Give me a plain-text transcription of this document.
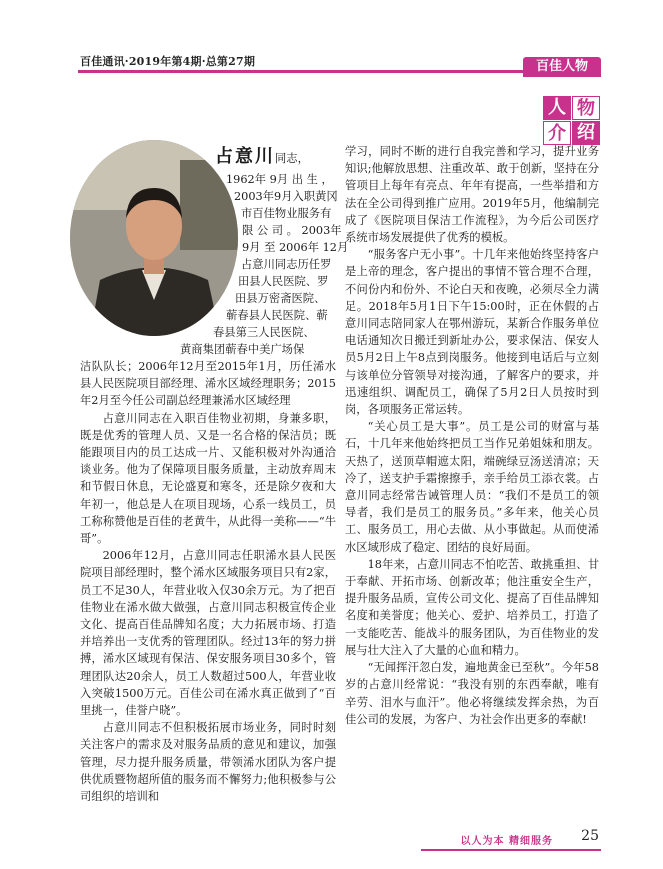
百佳通讯·2019年第4期·总第27期	百佳人物
人 物
介 绍
占意川同志，
1962年 9月 出 生 ，
2003年9月入职黄冈
市百佳物业服务有
限 公 司 。 2003年
9月 至 2006年 12月
占意川同志历任罗
田县人民医院、罗
田县万密斋医院、
蕲春县人民医院、蕲
春县第三人民医院、
黄商集团蕲春中美广场保

洁队队长；2006年12月至2015年1月，历任浠水县人民医院项目部经理、浠水区域经理职务；2015年2月至今任公司副总经理兼浠水区域经理

占意川同志在入职百佳物业初期，身兼多职，既是优秀的管理人员、又是一名合格的保洁员；既能跟项目内的员工达成一片、又能积极对外沟通洽谈业务。他为了保障项目服务质量，主动放弃周末和节假日休息，无论盛夏和寒冬，还是除夕夜和大年初一，他总是人在项目现场，心系一线员工，员工称称赞他是百佳的老黄牛，从此得一美称——“牛哥”。

2006年12月，占意川同志任职浠水县人民医院项目部经理时，整个浠水区域服务项目只有2家，员工不足30人，年营业收入仅30余万元。为了把百佳物业在浠水做大做强，占意川同志积极宣传企业文化、提高百佳品牌知名度；大力拓展市场、打造并培养出一支优秀的管理团队。经过13年的努力拼搏，浠水区域现有保洁、保安服务项目30多个，管理团队达20余人，员工人数超过500人，年营业收入突破1500万元。百佳公司在浠水真正做到了“百里挑一，佳誉户晓”。

占意川同志不但积极拓展市场业务，同时时刻关注客户的需求及对服务品质的意见和建议，加强管理，尽力提升服务质量，带领浠水团队为客户提供优质暨物超所值的服务而不懈努力;他积极参与公司组织的培训和

学习，同时不断的进行自我完善和学习，提升业务知识;他解放思想、注重改革、敢于创新，坚持在分管项目上每年有亮点、年年有提高，一些举措和方法在全公司得到推广应用。2019年5月，他编制完成了《医院项目保洁工作流程》，为今后公司医疗系统市场发展提供了优秀的模板。

“服务客户无小事”。十几年来他始终坚持客户是上帝的理念，客户提出的事情不管合理不合理，不问份内和份外、不论白天和夜晚，必须尽全力满足。2018年5月1日下午15:00时，正在休假的占意川同志陪同家人在鄂州游玩，某新合作服务单位电话通知次日搬迁到新址办公，要求保洁、保安人员5月2日上午8点到岗服务。他接到电话后与立刻与该单位分管领导对接沟通，了解客户的要求，并迅速组织、调配员工，确保了5月2日人员按时到岗，各项服务正常运转。

“关心员工是大事”。员工是公司的财富与基石，十几年来他始终把员工当作兄弟姐妹和朋友。天热了，送顶草帽遮太阳，端碗绿豆汤送清凉；天冷了，送支护手霜擦擦手，亲手给员工添衣裳。占意川同志经常告诫管理人员：“我们不是员工的领导者，我们是员工的服务员。”多年来，他关心员工、服务员工，用心去做、从小事做起。从而使浠水区域形成了稳定、团结的良好局面。

18年来，占意川同志不怕吃苦、敢挑重担、甘于奉献、开拓市场、创新改革；他注重安全生产，提升服务品质，宣传公司文化、提高了百佳品牌知名度和美誉度；他关心、爱护、培养员工，打造了一支能吃苦、能战斗的服务团队，为百佳物业的发展与壮大注入了大量的心血和精力。

“无闻挥汗忽白发，遍地黄金已至秋”。今年58岁的占意川经常说：“我没有别的东西奉献，唯有辛劳、泪水与血汗”。他必将继续发挥余热，为百佳公司的发展，为客户、为社会作出更多的奉献!

以人为本 精细服务 25
